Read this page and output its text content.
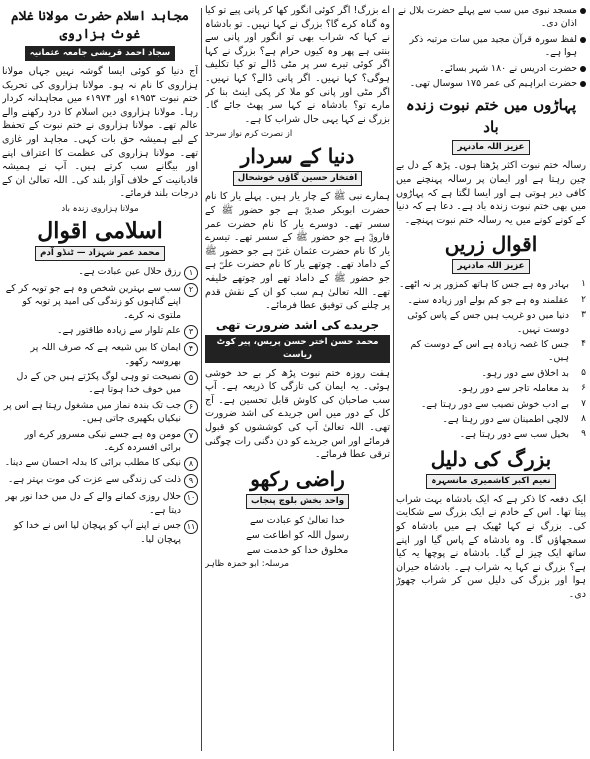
مسجد نبوی میں سب سے پہلے حضرت بلال نے اذان دی۔
لفظ سورہ قرآن مجید میں سات مرتبہ ذکر ہوا ہے۔
حضرت ادریس نے ۱۸۰ شہر بسائے۔
حضرت ابراہیم کی عمر ۱۷۵ سوسال تھی۔
پہاڑوں میں ختم نبوت زندہ باد
عزیز اللہ مادنہر

رسالہ ختم نبوت اکثر پڑھتا ہوں۔ پڑھ کے دل بے چین رہتا ہے اور ایمان پر رسالہ پہنچنے میں کافی دیر ہوتی ہے اور ایسا لگتا ہے کہ پہاڑوں میں بھی ختم نبوت زندہ باد ہے۔ دعا ہے کہ دنیا کے کونے کونے میں یہ رسالہ ختم نبوت پہنچے۔

اقوال زریں
عزیز اللہ مادنہر
۱
بہادر وہ ہے جس کا ہاتھ کمزور پر نہ اٹھے۔
۲
عقلمند وہ ہے جو کم بولے اور زیادہ سنے۔
۳
دنیا میں دو غریب ہیں جس کے پاس کوئی دوست نہیں۔
۴
جس کا غصہ زیادہ ہے اس کے دوست کم ہیں۔
۵
بد اخلاق سے دور رہو۔
۶
بد معاملہ تاجر سے دور رہو۔
۷
بے ادب خوش نصیب سے دور رہتا ہے۔
۸
لالچی اطمینان سے دور رہتا ہے۔
۹
بخیل سب سے دور رہتا ہے۔
بزرگ کی دلیل
نعیم اکبر کاشمیری مانسہرہ

ایک دفعہ کا ذکر ہے کہ ایک بادشاہ بہت شراب پیتا تھا۔ اس کے خادم نے ایک بزرگ سے شکایت کی۔ بزرگ نے کہا ٹھیک ہے میں بادشاہ کو سمجھاؤں گا۔ وہ بادشاہ کے پاس گیا اور اپنے ساتھ ایک چیز لے گیا۔ بادشاہ نے پوچھا یہ کیا ہے؟ بزرگ نے کہا یہ شراب ہے۔ بادشاہ حیران ہوا اور بزرگ کی دلیل سن کر شراب چھوڑ دی۔

اے بزرگ! اگر کوئی انگور کھا کر پانی پیے تو کیا وہ گناہ کرے گا؟ بزرگ نے کہا نہیں۔ تو بادشاہ نے کہا کہ شراب بھی تو انگور اور پانی سے بنتی ہے پھر وہ کیوں حرام ہے؟ بزرگ نے کہا اگر کوئی تیرے سر پر مٹی ڈالے تو کیا تکلیف ہوگی؟ کہا نہیں۔ اگر پانی ڈالے؟ کہا نہیں۔ اگر مٹی اور پانی کو ملا کر پکی اینٹ بنا کر مارے تو؟ بادشاہ نے کہا سر پھٹ جائے گا۔ بزرگ نے کہا یہی حال شراب کا ہے۔

از نصرت کرم نواز سرحد
دنیا کے سردار
افتخار حسین گاؤں خوشحال

ہمارے نبی ﷺ کے چار یار ہیں۔ پہلے یار کا نام حضرت ابوبکر صدیقؓ ہے جو حضور ﷺ کے سسر تھے۔ دوسرے یار کا نام حضرت عمر فاروقؓ ہے جو حضور ﷺ کے سسر تھے۔ تیسرے یار کا نام حضرت عثمان غنیؓ ہے جو حضور ﷺ کے داماد تھے۔ چوتھے یار کا نام حضرت علیؓ ہے جو حضور ﷺ کے داماد تھے اور چوتھے خلیفہ تھے۔ اللہ تعالیٰ ہم سب کو ان کے نقش قدم پر چلنے کی توفیق عطا فرمائے۔

جریدے کی اشد ضرورت تھی
محمد حسن اختر حسن پریس، پیر کوٹ ریاست

ہفت روزہ ختم نبوت پڑھ کر بے حد خوشی ہوئی۔ یہ ایمان کی تازگی کا ذریعہ ہے۔ آپ سب صاحبان کی کاوش قابل تحسین ہے۔ آج کل کے دور میں اس جریدے کی اشد ضرورت تھی۔ اللہ تعالیٰ آپ کی کوششوں کو قبول فرمائے اور اس جریدے کو دن دگنی رات چوگنی ترقی عطا فرمائے۔

راضی رکھو
واحد بخش بلوچ پنجاب
خدا تعالیٰ کو عبادت سے
رسول اللہ کو اطاعت سے
مخلوق خدا کو خدمت سے
مرسلہ: ابو حمزہ ظاہر
مجاہد اسلام حضرت مولانا غلام غوث ہزاروی
سجاد احمد قریشی جامعہ عثمانیہ

آج دنیا کو کوئی ایسا گوشہ نہیں جہاں مولانا ہزاروی کا نام نہ ہو۔ مولانا ہزاروی کی تحریک ختم نبوت ۱۹۵۳ء اور ۱۹۷۴ء میں مجاہدانہ کردار رہا۔ مولانا ہزاروی دین اسلام کا درد رکھنے والے عالم تھے۔ مولانا ہزاروی نے ختم نبوت کے تحفظ کے لیے ہمیشہ حق بات کہی۔ مجاہد اور غازی تھے۔ مولانا ہزاروی کی عظمت کا اعتراف اپنے اور بیگانے سب کرتے ہیں۔ آپ نے ہمیشہ قادیانیت کے خلاف آواز بلند کی۔ اللہ تعالیٰ ان کے درجات بلند فرمائے۔

مولانا ہزاروی زندہ باد
اسلامی اقوال
محمد عمر شہزاد — ٹنڈو آدم
۱
رزق حلال عین عبادت ہے۔
۲
سب سے بہترین شخص وہ ہے جو توبہ کر کے اپنے گناہوں کو زندگی کی امید پر توبہ کو ملتوی نہ کرے۔
۳
علم تلوار سے زیادہ طاقتور ہے۔
۴
ایمان کا بیں شیعہ ہے کہ صرف اللہ پر بھروسہ رکھو۔
۵
نصیحت تو وہی لوگ پکڑتے ہیں جن کے دل میں خوف خدا ہوتا ہے۔
۶
جب تک بندہ نماز میں مشغول رہتا ہے اس پر نیکیاں بکھیری جاتی ہیں۔
۷
مومن وہ ہے جسے نیکی مسرور کرے اور برائی افسردہ کرے۔
۸
نیکی کا مطلب برائی کا بدلہ احسان سے دینا۔
۹
ذلت کی زندگی سے عزت کی موت بہتر ہے۔
۱۰
حلال روزی کمانے والے کے دل میں خدا نور بھر دیتا ہے۔
۱۱
جس نے اپنے آپ کو پہچان لیا اس نے خدا کو پہچان لیا۔
